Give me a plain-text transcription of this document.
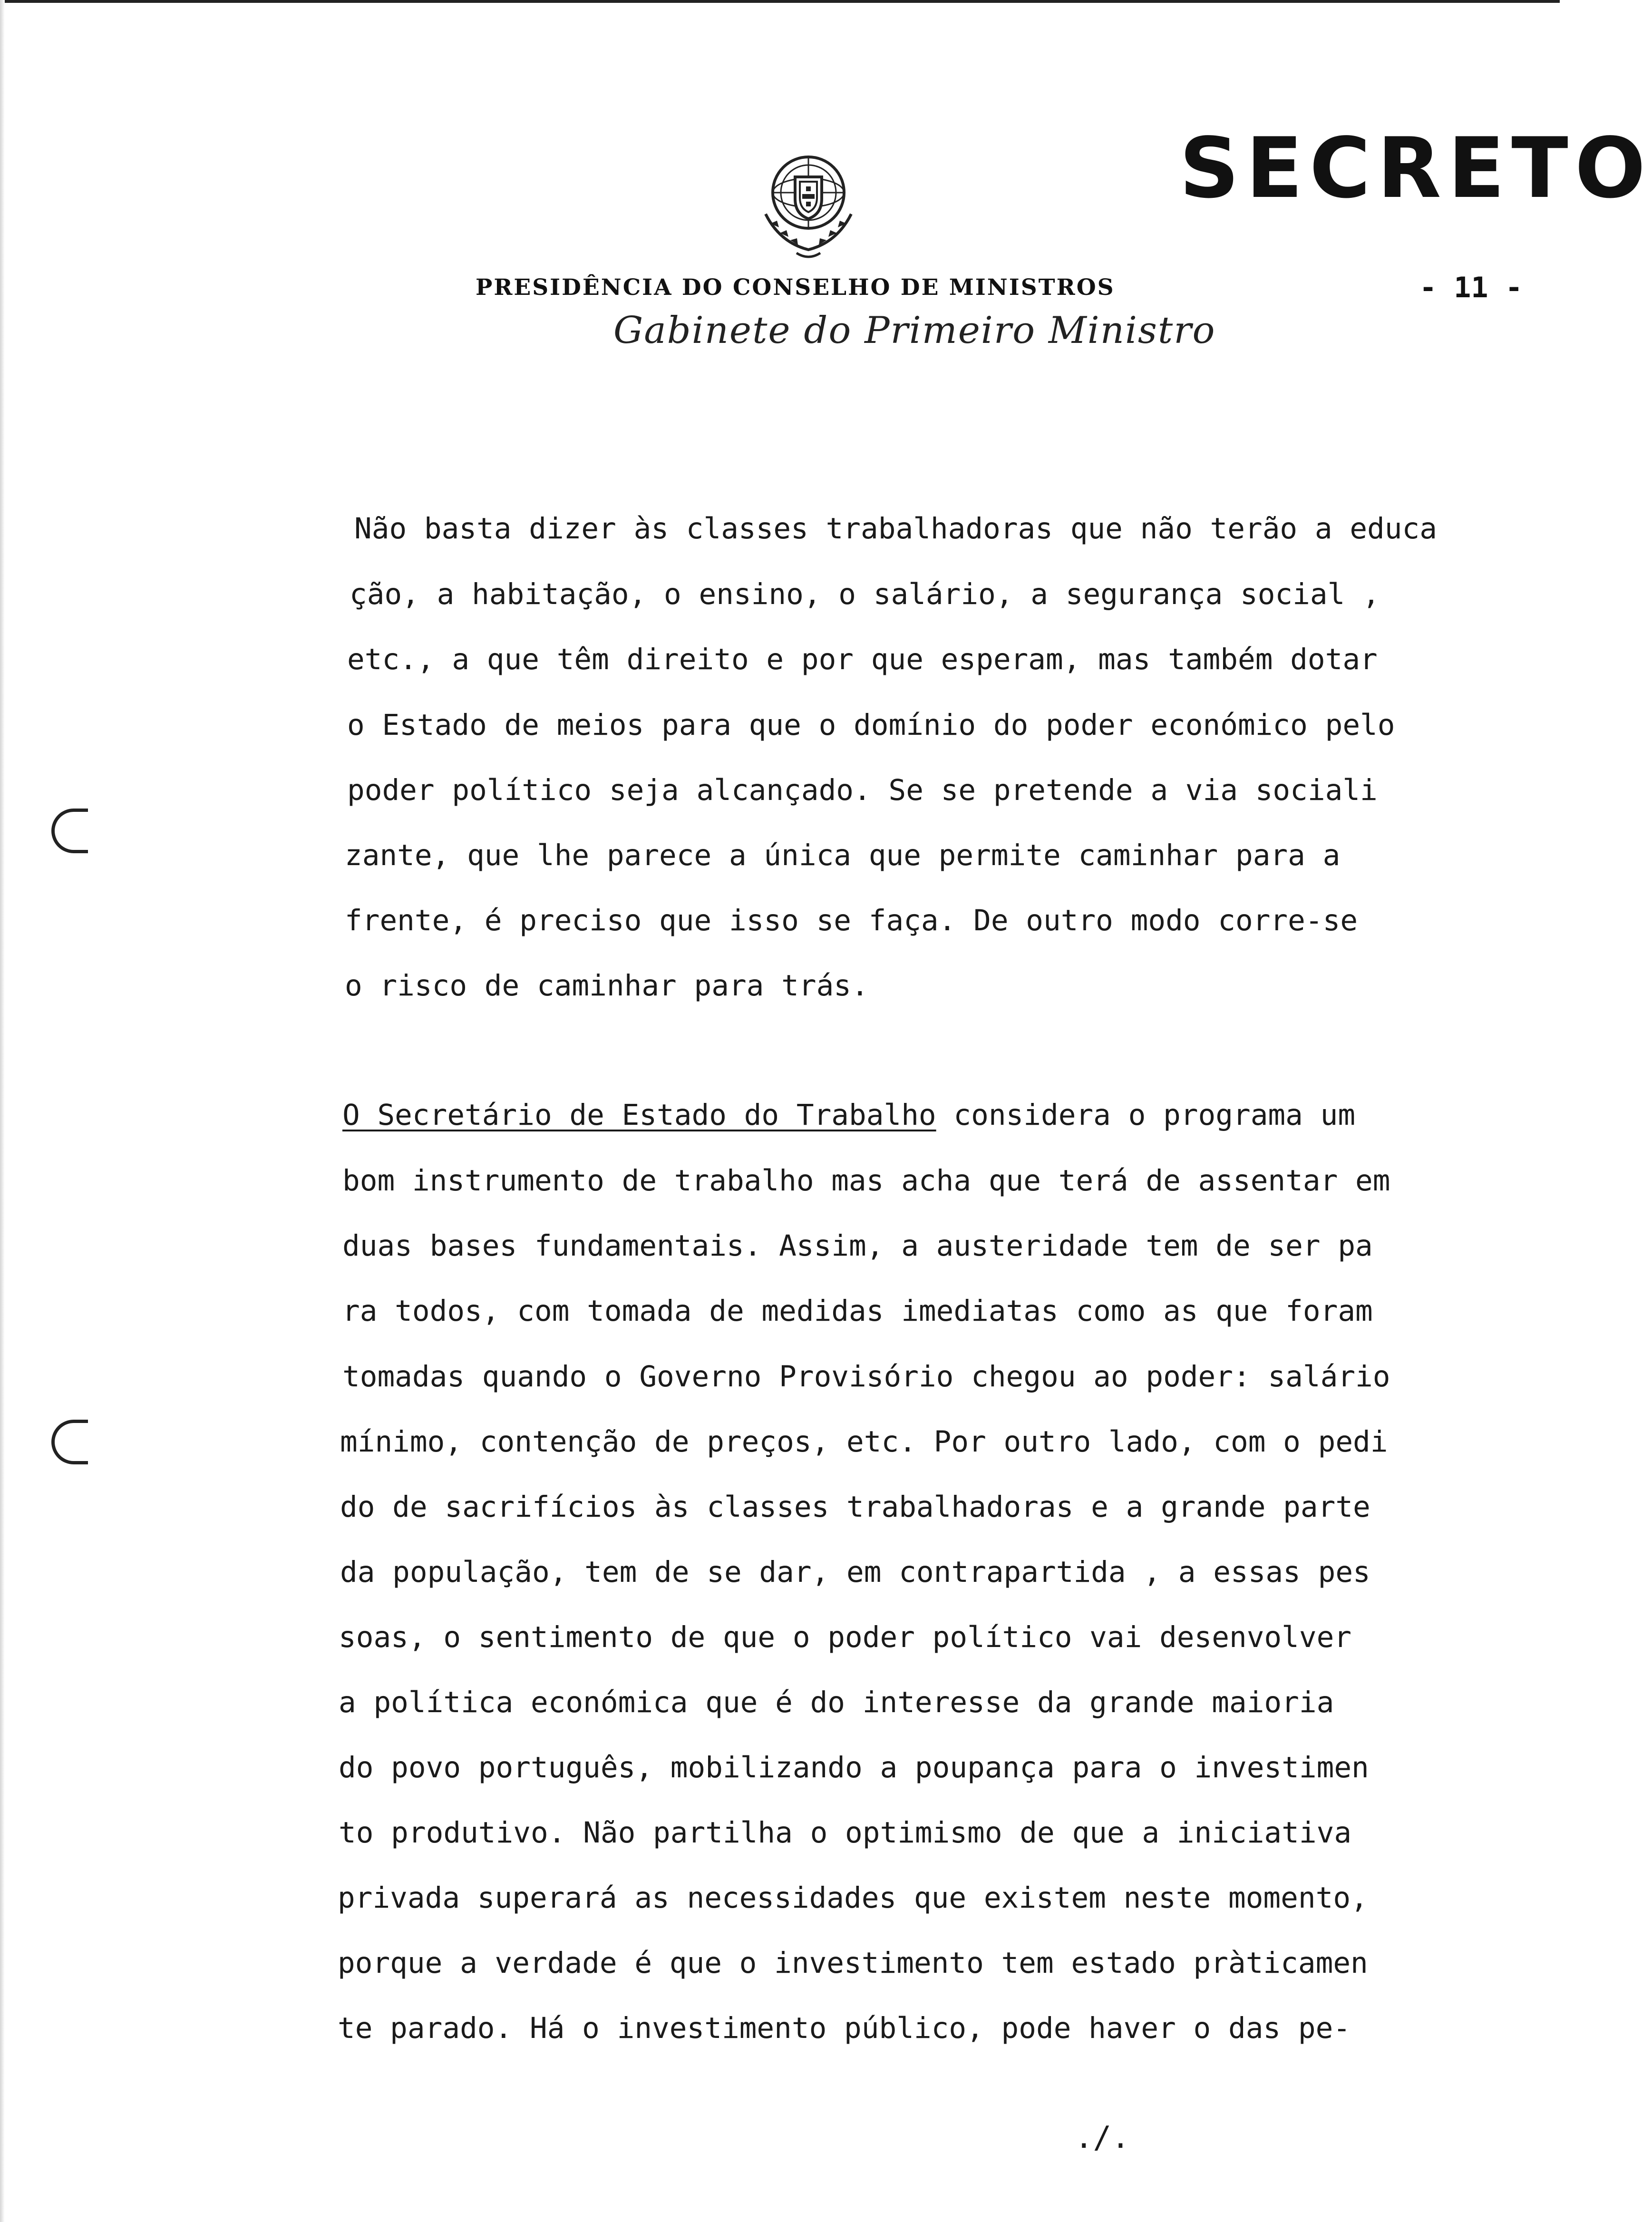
SECRETO
PRESIDÊNCIA DO CONSELHO DE MINISTROS
Gabinete do Primeiro Ministro
- 11 -
Não basta dizer às classes trabalhadoras que não terão a educa
ção, a habitação, o ensino, o salário, a segurança social ,
etc., a que têm direito e por que esperam, mas também dotar
o Estado de meios para que o domínio do poder económico pelo
poder político seja alcançado. Se se pretende a via sociali
zante, que lhe parece a única que permite caminhar para a
frente, é preciso que isso se faça. De outro modo corre-se
o risco de caminhar para trás.
O Secretário de Estado do Trabalho considera o programa um
bom instrumento de trabalho mas acha que terá de assentar em
duas bases fundamentais. Assim, a austeridade tem de ser pa
ra todos, com tomada de medidas imediatas como as que foram
tomadas quando o Governo Provisório chegou ao poder: salário
mínimo, contenção de preços, etc. Por outro lado, com o pedi
do de sacrifícios às classes trabalhadoras e a grande parte
da população, tem de se dar, em contrapartida , a essas pes
soas, o sentimento de que o poder político vai desenvolver
a política económica que é do interesse da grande maioria
do povo português, mobilizando a poupança para o investimen
to produtivo. Não partilha o optimismo de que a iniciativa
privada superará as necessidades que existem neste momento,
porque a verdade é que o investimento tem estado pràticamen
te parado. Há o investimento público, pode haver o das pe-
./.
